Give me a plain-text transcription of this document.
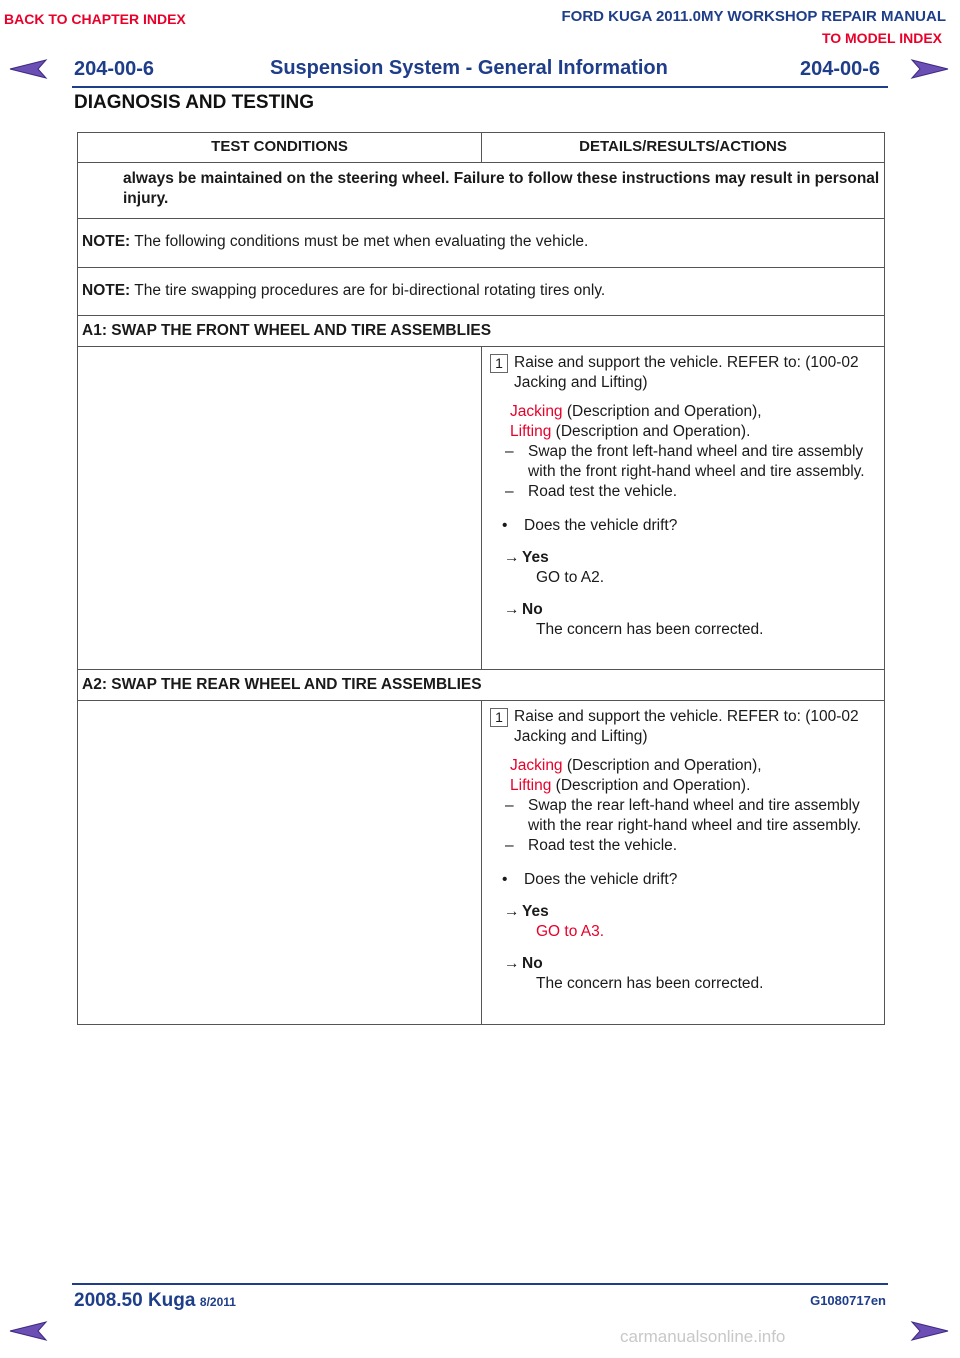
BACK TO CHAPTER INDEX	FORD KUGA 2011.0MY WORKSHOP REPAIR MANUAL
TO MODEL INDEX
204-00-6	Suspension System - General Information	204-00-6
DIAGNOSIS AND TESTING
TEST CONDITIONS	DETAILS/RESULTS/ACTIONS
always be maintained on the steering wheel. Failure to follow these instructions may result in personal injury.
NOTE: The following conditions must be met when evaluating the vehicle.
NOTE: The tire swapping procedures are for bi-directional rotating tires only.
A1: SWAP THE FRONT WHEEL AND TIRE ASSEMBLIES
1 Raise and support the vehicle. REFER to: (100-02 Jacking and Lifting)
Jacking (Description and Operation),
Lifting (Description and Operation).
– Swap the front left-hand wheel and tire assembly with the front right-hand wheel and tire assembly.
– Road test the vehicle.
•	Does the vehicle drift?
→ Yes
GO to A2.
→ No
The concern has been corrected.
A2: SWAP THE REAR WHEEL AND TIRE ASSEMBLIES
1 Raise and support the vehicle. REFER to: (100-02 Jacking and Lifting)
Jacking (Description and Operation),
Lifting (Description and Operation).
– Swap the rear left-hand wheel and tire assembly with the rear right-hand wheel and tire assembly.
– Road test the vehicle.
•	Does the vehicle drift?
→ Yes
GO to A3.
→ No
The concern has been corrected.
2008.50 Kuga 8/2011	G1080717en
carmanualsonline.info
